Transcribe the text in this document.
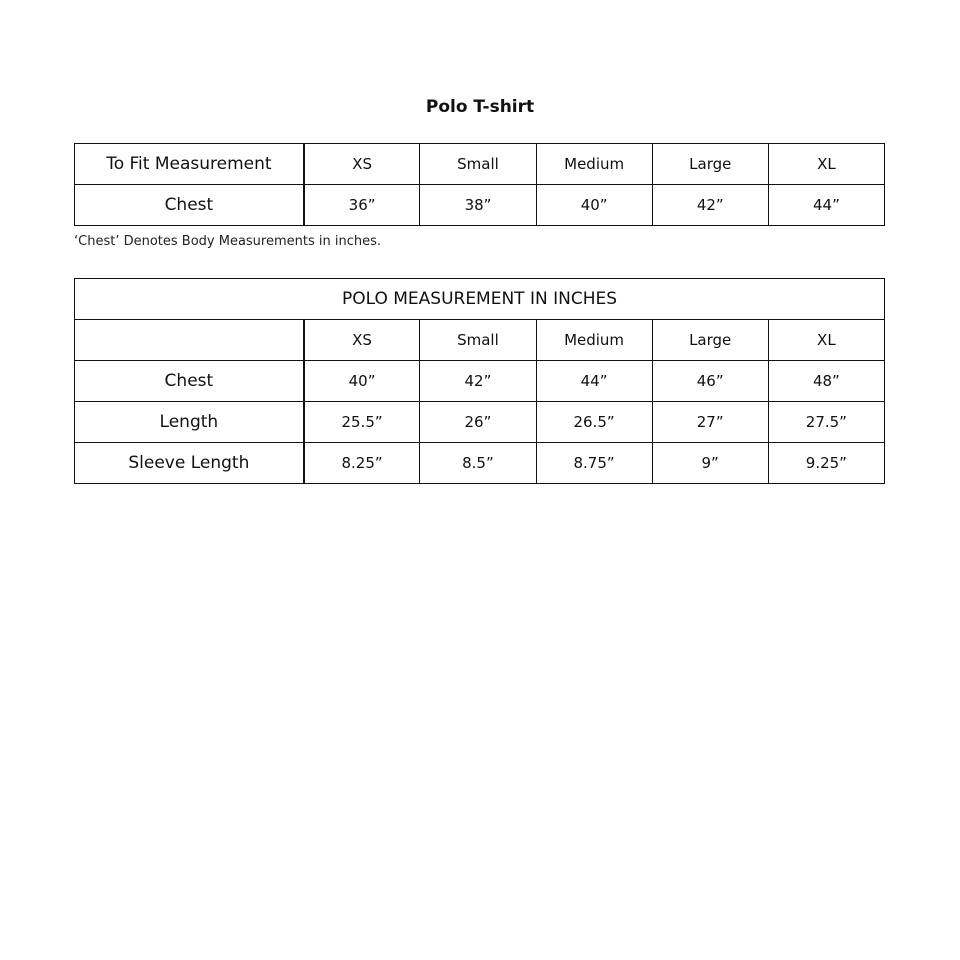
Polo T-shirt
To Fit Measurement	XS	Small	Medium	Large	XL
Chest	36”	38”	40”	42”	44”
‘Chest’ Denotes Body Measurements in inches.
POLO MEASUREMENT IN INCHES					
	XS	Small	Medium	Large	XL
Chest	40”	42”	44”	46”	48”
Length	25.5”	26”	26.5”	27”	27.5”
Sleeve Length	8.25”	8.5”	8.75”	9”	9.25”
